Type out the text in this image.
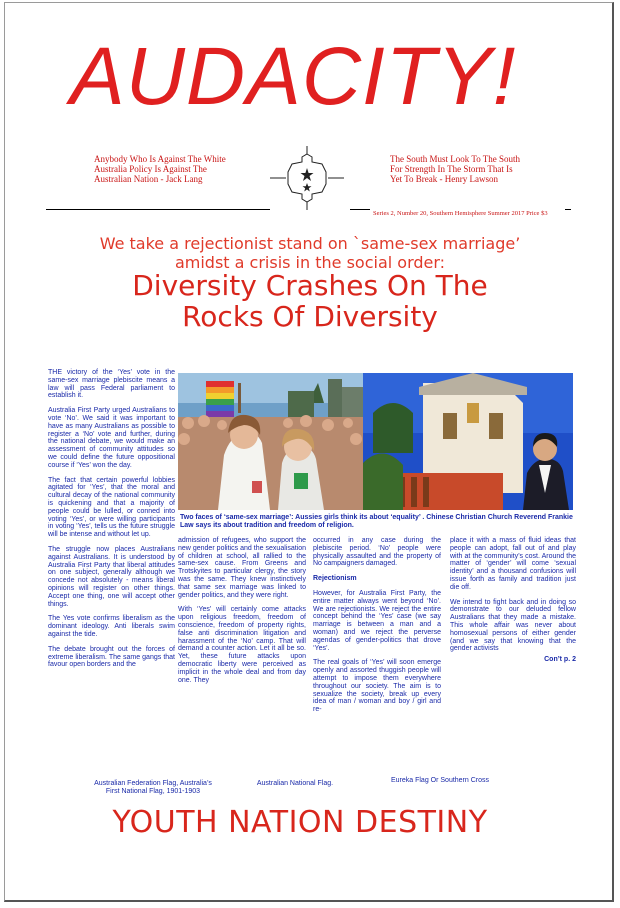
AUDACITY!
Anybody Who Is Against The White
Australia Policy Is Against The
Australian Nation - Jack Lang
The South Must Look To The South
For Strength In The Storm That Is
Yet To Break - Henry Lawson
Series 2, Number 20, Southern Hemisphere Summer 2017 Price $3
We take a rejectionist stand on `same-sex marriage’
amidst a crisis in the social order:
Diversity Crashes On The
Rocks Of Diversity

THE victory of the ‘Yes’ vote in the same-sex marriage plebiscite means a law will pass Federal parliament to establish it.

Australia First Party urged Australians to vote ‘No’. We said it was important to have as many Australians as possible to register a ‘No’ vote and further, during the national debate, we would make an assessment of community attitudes so we could define the future oppositional course if ‘Yes’ won the day.

The fact that certain powerful lobbies agitated for ‘Yes’, that the moral and cultural decay of the national community is quickening and that a majority of people could be lulled, or conned into voting ‘Yes’, or were willing participants in voting ‘Yes’, tells us the future struggle will be intense and without let up.

The struggle now places Australians against Australians. It is understood by Australia First Party that liberal attitudes on one subject, generally although we concede not absolutely - means liberal opinions will register on other things. Accept one thing, one will accept other things.

The Yes vote confirms liberalism as the dominant ideology. Anti liberals swim against the tide.

The debate brought out the forces of extreme liberalism. The same gangs that favour open borders and the

Two faces of ‘same-sex marriage’: Aussies girls think its about ‘equality’ . Chinese Christian Church Reverend Frankie Law says its about tradition and freedom of religion.

admission of refugees, who support the new gender politics and the sexualisation of children at school, all rallied to the same-sex cause. From Greens and Trotskyites to particular clergy, the story was the same. They knew instinctively that same sex marriage was linked to gender politics, and they were right.

With ‘Yes’ will certainly come attacks upon religious freedom, freedom of conscience, freedom of property rights, false anti discrimination litigation and harassment of the ‘No’ camp. That will demand a counter action. Let it all be so. Yet, these future attacks upon democratic liberty were perceived as implicit in the whole deal and from day one. They

occurred in any case during the plebiscite period. ‘No’ people were physically assaulted and the property of No campaigners damaged.

Rejectionism

However, for Australia First Party, the entire matter always went beyond ‘No’. We are rejectionists. We reject the entire concept behind the ‘Yes’ case (we say marriage is between a man and a woman) and we reject the perverse agendas of gender-politics that drove ‘Yes’.

The real goals of ‘Yes’ will soon emerge openly and assorted thuggish people will attempt to impose them everywhere throughout our society. The aim is to sexualize the society, break up every idea of man / woman and boy / girl and re-

place it with a mass of fluid ideas that people can adopt, fall out of and play with at the community’s cost. Around the matter of ‘gender’ will come ‘sexual identity’ and a thousand confusions will issue forth as family and tradition just die off.

We intend to fight back and in doing so demonstrate to our deluded fellow Australians that they made a mistake. This whole affair was never about homosexual persons of either gender (and we say that knowing that the gender activists

Con’t p. 2
Australian Federation Flag, Australia’s
First National Flag, 1901-1903
Australian National Flag.	Eureka Flag Or Southern Cross
YOUTH NATION DESTINY
